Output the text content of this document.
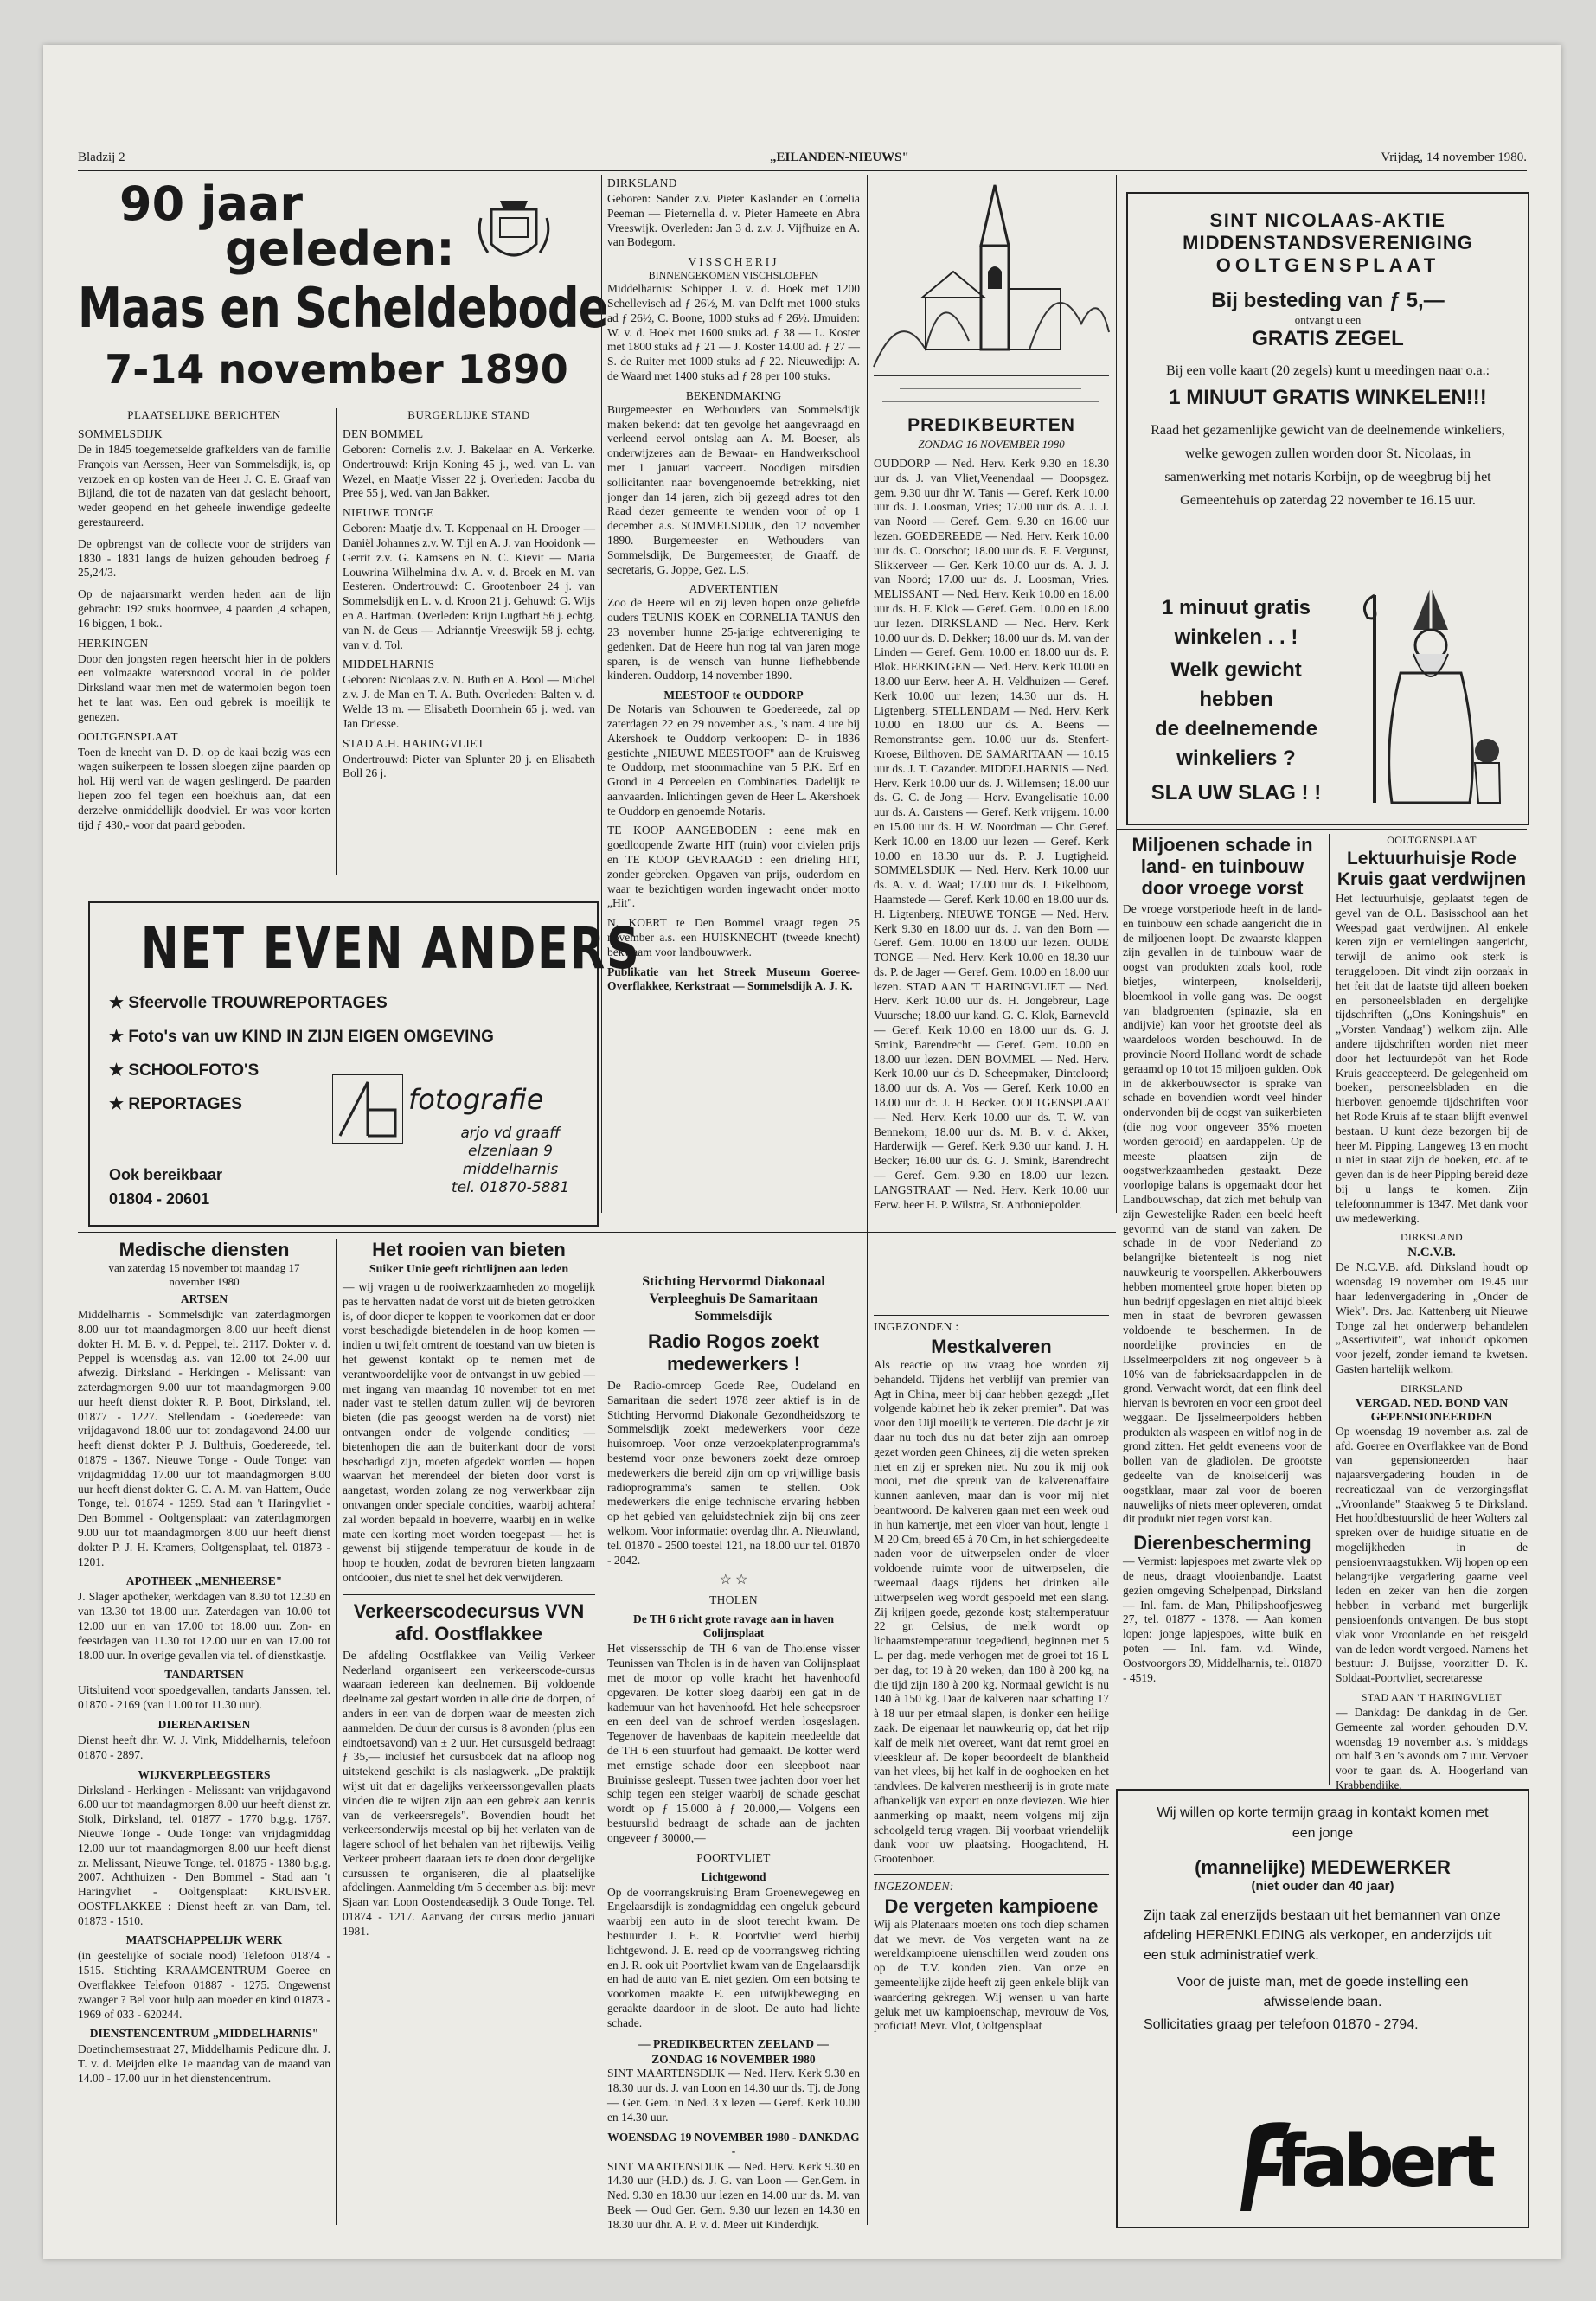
Bladzij 2	„EILANDEN-NIEUWS"	Vrijdag, 14 november 1980.
90 jaar
geleden:
Maas en Scheldebode
7-14 november 1890
PLAATSELIJKE BERICHTEN
SOMMELSDIJK

De in 1845 toegemetselde grafkelders van de familie François van Aerssen, Heer van Sommelsdijk, is, op verzoek en op kosten van de Heer J. C. E. Graaf van Bijland, die tot de nazaten van dat geslacht behoort, weder geopend en het geheele inwendige gedeelte gerestaureerd.

De opbrengst van de collecte voor de strijders van 1830 - 1831 langs de huizen gehouden bedroeg ƒ 25,24/3.

Op de najaarsmarkt werden heden aan de lijn gebracht: 192 stuks hoornvee, 4 paarden ,4 schapen, 16 biggen, 1 bok..

HERKINGEN

Door den jongsten regen heerscht hier in de polders een volmaakte watersnood vooral in de polder Dirksland waar men met de watermolen begon toen het te laat was. Een oud gebrek is moeilijk te genezen.

OOLTGENSPLAAT

Toen de knecht van D. D. op de kaai bezig was een wagen suikerpeen te lossen sloegen zijne paarden op hol. Hij werd van de wagen geslingerd. De paarden liepen zoo fel tegen een hoekhuis aan, dat een derzelve onmiddellijk doodviel. Er was voor korten tijd ƒ 430,- voor dat paard geboden.

BURGERLIJKE STAND
DEN BOMMEL

Geboren: Cornelis z.v. J. Bakelaar en A. Verkerke. Ondertrouwd: Krijn Koning 45 j., wed. van L. van Wezel, en Maatje Visser 22 j. Overleden: Jacoba du Pree 55 j, wed. van Jan Bakker.

NIEUWE TONGE

Geboren: Maatje d.v. T. Koppenaal en H. Drooger — Daniël Johannes z.v. W. Tijl en A. J. van Hooidonk — Gerrit z.v. G. Kamsens en N. C. Kievit — Maria Louwrina Wilhelmina d.v. A. v. d. Broek en M. van Eesteren. Ondertrouwd: C. Grootenboer 24 j. van Sommelsdijk en L. v. d. Kroon 21 j. Gehuwd: G. Wijs en A. Hartman. Overleden: Krijn Lugthart 56 j. echtg. van N. de Geus — Adrianntje Vreeswijk 58 j. echtg. van v. d. Tol.

MIDDELHARNIS

Geboren: Nicolaas z.v. N. Buth en A. Bool — Michel z.v. J. de Man en T. A. Buth. Overleden: Balten v. d. Welde 13 m. — Elisabeth Doornhein 65 j. wed. van Jan Driesse.

STAD A.H. HARINGVLIET

Ondertrouwd: Pieter van Splunter 20 j. en Elisabeth Boll 26 j.

DIRKSLAND

Geboren: Sander z.v. Pieter Kaslander en Cornelia Peeman — Pieternella d. v. Pieter Hameete en Abra Vreeswijk. Overleden: Jan 3 d. z.v. J. Vijfhuize en A. van Bodegom.

VISSCHERIJ
BINNENGEKOMEN VISCHSLOEPEN

Middelharnis: Schipper J. v. d. Hoek met 1200 Schellevisch ad ƒ 26½, M. van Delft met 1000 stuks ad ƒ 26½, C. Boone, 1000 stuks ad ƒ 26½. IJmuiden: W. v. d. Hoek met 1600 stuks ad. ƒ 38 — L. Koster met 1800 stuks ad ƒ 21 — J. Koster 14.00 ad. ƒ 27 — S. de Ruiter met 1000 stuks ad ƒ 22. Nieuwedijp: A. de Waard met 1400 stuks ad ƒ 28 per 100 stuks.

BEKENDMAKING

Burgemeester en Wethouders van Sommelsdijk maken bekend: dat ten gevolge het aangevraagd en verleend eervol ontslag aan A. M. Boeser, als onderwijzeres aan de Bewaar- en Handwerkschool met 1 januari vacceert. Noodigen mitsdien sollicitanten naar bovengenoemde betrekking, niet jonger dan 14 jaren, zich bij gezegd adres tot den Raad dezer gemeente te wenden voor of op 1 december a.s. SOMMELSDIJK, den 12 november 1890. Burgemeester en Wethouders van Sommelsdijk, De Burgemeester, de Graaff. de secretaris, G. Joppe, Gez. L.S.

ADVERTENTIEN

Zoo de Heere wil en zij leven hopen onze geliefde ouders TEUNIS KOEK en CORNELIA TANUS den 23 november hunne 25-jarige echtvereniging te gedenken. Dat de Heere hun nog tal van jaren moge sparen, is de wensch van hunne liefhebbende kinderen. Ouddorp, 14 november 1890.

MEESTOOF te OUDDORP

De Notaris van Schouwen te Goedereede, zal op zaterdagen 22 en 29 november a.s., 's nam. 4 ure bij Akershoek te Ouddorp verkoopen: D- in 1836 gestichte „NIEUWE MEESTOOF" aan de Kruisweg te Ouddorp, met stoommachine van 5 P.K. Erf en Grond in 4 Perceelen en Combinaties. Dadelijk te aanvaarden. Inlichtingen geven de Heer L. Akershoek te Ouddorp en genoemde Notaris.

TE KOOP AANGEBODEN : eene mak en goedloopende Zwarte HIT (ruin) voor civielen prijs en TE KOOP GEVRAAGD : een drieling HIT, zonder gebreken. Opgaven van prijs, ouderdom en waar te bezichtigen worden ingewacht onder motto „Hit".

N. KOERT te Den Bommel vraagt tegen 25 november a.s. een HUISKNECHT (tweede knecht) bekwaam voor landbouwwerk.

Publikatie van het Streek Museum Goeree-Overflakkee, Kerkstraat — Sommelsdijk A. J. K.

PREDIKBEURTEN
ZONDAG 16 NOVEMBER 1980

OUDDORP — Ned. Herv. Kerk 9.30 en 18.30 uur ds. J. van Vliet,Veenendaal — Doopsgez. gem. 9.30 uur dhr W. Tanis — Geref. Kerk 10.00 uur ds. J. Loosman, Vries; 17.00 uur ds. A. J. J. van Noord — Geref. Gem. 9.30 en 16.00 uur lezen. GOEDEREEDE — Ned. Herv. Kerk 10.00 uur ds. C. Oorschot; 18.00 uur ds. E. F. Vergunst, Slikkerveer — Ger. Kerk 10.00 uur ds. A. J. J. van Noord; 17.00 uur ds. J. Loosman, Vries. MELISSANT — Ned. Herv. Kerk 10.00 en 18.00 uur ds. H. F. Klok — Geref. Gem. 10.00 en 18.00 uur lezen. DIRKSLAND — Ned. Herv. Kerk 10.00 uur ds. D. Dekker; 18.00 uur ds. M. van der Linden — Geref. Gem. 10.00 en 18.00 uur ds. P. Blok. HERKINGEN — Ned. Herv. Kerk 10.00 en 18.00 uur Eerw. heer A. H. Veldhuizen — Geref. Kerk 10.00 uur lezen; 14.30 uur ds. H. Ligtenberg. STELLENDAM — Ned. Herv. Kerk 10.00 en 18.00 uur ds. A. Beens — Remonstrantse gem. 10.00 uur ds. Stenfert-Kroese, Bilthoven. DE SAMARITAAN — 10.15 uur ds. J. T. Cazander. MIDDELHARNIS — Ned. Herv. Kerk 10.00 uur ds. J. Willemsen; 18.00 uur ds. G. C. de Jong — Herv. Evangelisatie 10.00 uur ds. A. Carstens — Geref. Kerk vrijgem. 10.00 en 15.00 uur ds. H. W. Noordman — Chr. Geref. Kerk 10.00 en 18.00 uur lezen — Geref. Kerk 10.00 en 18.30 uur ds. P. J. Lugtigheid. SOMMELSDIJK — Ned. Herv. Kerk 10.00 uur ds. A. v. d. Waal; 17.00 uur ds. J. Eikelboom, Haamstede — Geref. Kerk 10.00 en 18.00 uur ds. H. Ligtenberg. NIEUWE TONGE — Ned. Herv. Kerk 9.30 en 18.00 uur ds. J. van den Born — Geref. Gem. 10.00 en 18.00 uur lezen. OUDE TONGE — Ned. Herv. Kerk 10.00 en 18.30 uur ds. P. de Jager — Geref. Gem. 10.00 en 18.00 uur lezen. STAD AAN 'T HARINGVLIET — Ned. Herv. Kerk 10.00 uur ds. H. Jongebreur, Lage Vuursche; 18.00 uur kand. G. C. Klok, Barneveld — Geref. Kerk 10.00 en 18.00 uur ds. G. J. Smink, Barendrecht — Geref. Gem. 10.00 en 18.00 uur lezen. DEN BOMMEL — Ned. Herv. Kerk 10.00 uur ds D. Scheepmaker, Dinteloord; 18.00 uur ds. A. Vos — Geref. Kerk 10.00 en 18.00 uur dr. J. H. Becker. OOLTGENSPLAAT — Ned. Herv. Kerk 10.00 uur ds. T. W. van Bennekom; 18.00 uur ds. M. B. v. d. Akker, Harderwijk — Geref. Kerk 9.30 uur kand. J. H. Becker; 16.00 uur ds. G. J. Smink, Barendrecht — Geref. Gem. 9.30 en 18.00 uur lezen. LANGSTRAAT — Ned. Herv. Kerk 10.00 uur Eerw. heer H. P. Wilstra, St. Anthoniepolder.

SINT NICOLAAS-AKTIE
MIDDENSTANDSVERENIGING
OOLTGENSPLAAT
Bij besteding van ƒ 5,—
ontvangt u een
GRATIS ZEGEL
Bij een volle kaart (20 zegels) kunt u meedingen naar o.a.:
1 MINUUT GRATIS WINKELEN!!!
Raad het gezamenlijke gewicht van de deelnemende winkeliers, welke gewogen zullen worden door St. Nicolaas, in samenwerking met notaris Korbijn, op de weegbrug bij het Gemeentehuis op zaterdag 22 november te 16.15 uur.
1 minuut gratis
winkelen . . !
Welk gewicht
hebben
de deelnemende
winkeliers ?
SLA UW SLAG ! !
NET EVEN ANDERS
★ Sfeervolle TROUWREPORTAGES
★ Foto's van uw KIND IN ZIJN EIGEN OMGEVING
★ SCHOOLFOTO'S
★ REPORTAGES	fotografie
arjo vd graaff
elzenlaan 9
middelharnis
tel. 01870-5881
Ook bereikbaar
01804 - 20601
Medische diensten
van zaterdag 15 november tot maandag 17 november 1980
ARTSEN

Middelharnis - Sommelsdijk: van zaterdagmorgen 8.00 uur tot maandagmorgen 8.00 uur heeft dienst dokter H. M. B. v. d. Peppel, tel. 2117. Dokter v. d. Peppel is woensdag a.s. van 12.00 tot 24.00 uur afwezig. Dirksland - Herkingen - Melissant: van zaterdagmorgen 9.00 uur tot maandagmorgen 9.00 uur heeft dienst dokter R. P. Boot, Dirksland, tel. 01877 - 1227. Stellendam - Goedereede: van vrijdagavond 18.00 uur tot zondagavond 24.00 uur heeft dienst dokter P. J. Bulthuis, Goedereede, tel. 01879 - 1367. Nieuwe Tonge - Oude Tonge: van vrijdagmiddag 17.00 uur tot maandagmorgen 8.00 uur heeft dienst dokter G. C. A. M. van Hattem, Oude Tonge, tel. 01874 - 1259. Stad aan 't Haringvliet - Den Bommel - Ooltgensplaat: van zaterdagmorgen 9.00 uur tot maandagmorgen 8.00 uur heeft dienst dokter P. J. H. Kramers, Ooltgensplaat, tel. 01873 - 1201.

APOTHEEK „MENHEERSE"

J. Slager apotheker, werkdagen van 8.30 tot 12.30 en van 13.30 tot 18.00 uur. Zaterdagen van 10.00 tot 12.00 uur en van 17.00 tot 18.00 uur. Zon- en feestdagen van 11.30 tot 12.00 uur en van 17.00 tot 18.00 uur. In overige gevallen via tel. of dienstkastje.

TANDARTSEN

Uitsluitend voor spoedgevallen, tandarts Janssen, tel. 01870 - 2169 (van 11.00 tot 11.30 uur).

DIERENARTSEN

Dienst heeft dhr. W. J. Vink, Middelharnis, telefoon 01870 - 2897.

WIJKVERPLEEGSTERS

Dirksland - Herkingen - Melissant: van vrijdagavond 6.00 uur tot maandagmorgen 8.00 uur heeft dienst zr. Stolk, Dirksland, tel. 01877 - 1770 b.g.g. 1767. Nieuwe Tonge - Oude Tonge: van vrijdagmiddag 12.00 uur tot maandagmorgen 8.00 uur heeft dienst zr. Melissant, Nieuwe Tonge, tel. 01875 - 1380 b.g.g. 2007. Achthuizen - Den Bommel - Stad aan 't Haringvliet - Ooltgensplaat: KRUISVER. OOSTFLAKKEE : Dienst heeft zr. van Dam, tel. 01873 - 1510.

MAATSCHAPPELIJK WERK

(in geestelijke of sociale nood) Telefoon 01874 - 1515. Stichting KRAAMCENTRUM Goeree en Overflakkee Telefoon 01887 - 1275. Ongewenst zwanger ? Bel voor hulp aan moeder en kind 01873 - 1969 of 033 - 620244.

DIENSTENCENTRUM „MIDDELHARNIS"

Doetinchemsestraat 27, Middelharnis Pedicure dhr. J. T. v. d. Meijden elke 1e maandag van de maand van 14.00 - 17.00 uur in het dienstencentrum.

Het rooien van bieten
Suiker Unie geeft richtlijnen aan leden

— wij vragen u de rooiwerkzaamheden zo mogelijk pas te hervatten nadat de vorst uit de bieten getrokken is, of door dieper te koppen te voorkomen dat er door vorst beschadigde bietendelen in de hoop komen — indien u twijfelt omtrent de toestand van uw bieten is het gewenst kontakt op te nemen met de verantwoordelijke voor de ontvangst in uw gebied — met ingang van maandag 10 november tot en met nader vast te stellen datum zullen wij de bevroren bieten (die pas geoogst werden na de vorst) niet ontvangen onder de volgende condities; — bietenhopen die aan de buitenkant door de vorst beschadigd zijn, moeten afgedekt worden — hopen waarvan het merendeel der bieten door vorst is aangetast, worden zolang ze nog verwerkbaar zijn ontvangen onder speciale condities, waarbij achteraf zal worden bepaald in hoeverre, waarbij en in welke mate een korting moet worden toegepast — het is gewenst bij stijgende temperatuur de koude in de hoop te houden, zodat de bevroren bieten langzaam ontdooien, dus niet te snel het dek verwijderen.

Verkeerscodecursus VVN afd. Oostflakkee

De afdeling Oostflakkee van Veilig Verkeer Nederland organiseert een verkeerscode-cursus waaraan iedereen kan deelnemen. Bij voldoende deelname zal gestart worden in alle drie de dorpen, of anders in een van de dorpen waar de meesten zich aanmelden. De duur der cursus is 8 avonden (plus een eindtoetsavond) van ± 2 uur. Het cursusgeld bedraagt ƒ 35,— inclusief het cursusboek dat na afloop nog uitstekend geschikt is als naslagwerk. „De praktijk wijst uit dat er dagelijks verkeerssongevallen plaats vinden die te wijten zijn aan een gebrek aan kennis van de verkeersregels". Bovendien houdt het verkeersonderwijs meestal op bij het verlaten van de lagere school of het behalen van het rijbewijs. Veilig Verkeer probeert daaraan iets te doen door dergelijke cursussen te organiseren, die al plaatselijke afdelingen. Aanmelding t/m 5 december a.s. bij: mevr Sjaan van Loon Oostendeasedijk 3 Oude Tonge. Tel. 01874 - 1217. Aanvang der cursus medio januari 1981.

Stichting Hervormd Diakonaal
Verpleeghuis De Samaritaan
Sommelsdijk
Radio Rogos zoekt medewerkers !

De Radio-omroep Goede Ree, Oudeland en Samaritaan die sedert 1978 zeer aktief is in de Stichting Hervormd Diakonale Gezondheidszorg te Sommelsdijk zoekt medewerkers voor deze huisomroep. Voor onze verzoekplatenprogramma's bestemd voor onze bewoners zoekt deze omroep medewerkers die bereid zijn om op vrijwillige basis radioprogramma's samen te stellen. Ook medewerkers die enige technische ervaring hebben op het gebied van geluidstechniek zijn bij ons zeer welkom. Voor informatie: overdag dhr. A. Nieuwland, tel. 01870 - 2500 toestel 121, na 18.00 uur tel. 01870 - 2042.

☆ ☆
THOLEN
De TH 6 richt grote ravage aan in haven Colijnsplaat

Het vissersschip de TH 6 van de Tholense visser Teunissen van Tholen is in de haven van Colijnsplaat met de motor op volle kracht het havenhoofd opgevaren. De kotter sloeg daarbij een gat in de kademuur van het havenhoofd. Het hele scheepsroer en een deel van de schroef werden losgeslagen. Tegenover de havenbaas de kapitein meedeelde dat de TH 6 een stuurfout had gemaakt. De kotter werd met ernstige schade door een sleepboot naar Bruinisse gesleept. Tussen twee jachten door voer het schip tegen een steiger waarbij de schade geschat wordt op ƒ 15.000 à ƒ 20.000,— Volgens een bestuurslid bedraagt de schade aan de jachten ongeveer ƒ 30000,—

POORTVLIET
Lichtgewond

Op de voorrangskruising Bram Groenewegeweg en Engelaarsdijk is zondagmiddag een ongeluk gebeurd waarbij een auto in de sloot terecht kwam. De bestuurder J. E. R. Poortvliet werd hierbij lichtgewond. J. E. reed op de voorrangsweg richting en J. R. ook uit Poortvliet kwam van de Engelaarsdijk en had de auto van E. niet gezien. Om een botsing te voorkomen maakte E. een uitwijkbeweging en geraakte daardoor in de sloot. De auto had lichte schade.

— PREDIKBEURTEN ZEELAND —
ZONDAG 16 NOVEMBER 1980

SINT MAARTENSDIJK — Ned. Herv. Kerk 9.30 en 18.30 uur ds. J. van Loon en 14.30 uur ds. Tj. de Jong — Ger. Gem. in Ned. 3 x lezen — Geref. Kerk 10.00 en 14.30 uur.

WOENSDAG 19 NOVEMBER 1980 - DANKDAG -

SINT MAARTENSDIJK — Ned. Herv. Kerk 9.30 en 14.30 uur (H.D.) ds. J. G. van Loon — Ger.Gem. in Ned. 9.30 en 18.30 uur lezen en 14.00 uur ds. M. van Beek — Oud Ger. Gem. 9.30 uur lezen en 14.30 en 18.30 uur dhr. A. P. v. d. Meer uit Kinderdijk.

INGEZONDEN :
Mestkalveren

Als reactie op uw vraag hoe worden zij behandeld. Tijdens het verblijf van premier van Agt in China, meer bij daar hebben gezegd: „Het volgende kabinet heb ik zeker premier". Dat was voor den Uijl moeilijk te verteren. Die dacht je zit daar nu toch dus nu dat beter zijn aan omroep gezet worden geen Chinees, zij die weten spreken niet en zij er spreken niet. Nu zou ik mij ook mooi, met die spreuk van de kalverenaffaire kunnen aanleven, maar dan is voor mij niet beantwoord. De kalveren gaan met een week oud in hun kamertje, met een vloer van hout, lengte 1 M 20 Cm, breed 65 à 70 Cm, in het schiergedeelte naden voor de uitwerpselen onder de vloer voldoende ruimte voor de uitwerpselen, die tweemaal daags tijdens het drinken alle uitwerpselen weg wordt gespoeld met een slang. Zij krijgen goede, gezonde kost; staltemperatuur 22 gr. Celsius, de melk wordt op lichaamstemperatuur toegediend, beginnen met 5 L. per dag. mede verhogen met de groei tot 16 L per dag, tot 19 à 20 weken, dan 180 à 200 kg, na die tijd zijn 180 à 200 kg. Normaal gewicht is nu 140 à 150 kg. Daar de kalveren naar schatting 17 à 18 uur per etmaal slapen, is donker een heilige zaak. De eigenaar let nauwkeurig op, dat het rijp kalf de melk niet overeet, want dat remt groei en vleeskleur af. De koper beoordeelt de blankheid van het vlees, bij het kalf in de ooghoeken en het tandvlees. De kalveren mestheerij is in grote mate afhankelijk van export en onze deviezen. Wie hier aanmerking op maakt, neem volgens mij zijn schoolgeld terug vragen. Bij voorbaat vriendelijk dank voor uw plaatsing. Hoogachtend, H. Grootenboer.

INGEZONDEN:
De vergeten kampioene

Wij als Platenaars moeten ons toch diep schamen dat we mevr. de Vos vergeten want na ze wereldkampioene uienschillen werd zouden ons op de T.V. konden zien. Van onze en gemeentelijke zijde heeft zij geen enkele blijk van waardering gekregen. Wij wensen u van harte geluk met uw kampioenschap, mevrouw de Vos, proficiat! Mevr. Vlot, Ooltgensplaat

Miljoenen schade in land- en tuinbouw door vroege vorst

De vroege vorstperiode heeft in de land- en tuinbouw een schade aangericht die in de miljoenen loopt. De zwaarste klappen zijn gevallen in de tuinbouw waar de oogst van produkten zoals kool, rode bietjes, winterpeen, knolselderij, bloemkool in volle gang was. De oogst van bladgroenten (spinazie, sla en andijvie) kan voor het grootste deel als waardeloos worden beschouwd. In de provincie Noord Holland wordt de schade geraamd op 10 tot 15 miljoen gulden. Ook in de akkerbouwsector is sprake van schade en bovendien wordt veel hinder ondervonden bij de oogst van suikerbieten (die nog voor ongeveer 35% moeten worden gerooid) en aardappelen. Op de meeste plaatsen zijn de oogstwerkzaamheden gestaakt. Deze voorlopige balans is opgemaakt door het Landbouwschap, dat zich met behulp van zijn Gewestelijke Raden een beeld heeft gevormd van de stand van zaken. De schade in de voor Nederland zo belangrijke bietenteelt is nog niet nauwkeurig te voorspellen. Akkerbouwers hebben momenteel grote hopen bieten op hun bedrijf opgeslagen en niet altijd bleek men in staat de bevroren gewassen voldoende te beschermen. In de noordelijke provincies en de IJsselmeerpolders zit nog ongeveer 5 à 10% van de fabrieksaardappelen in de grond. Verwacht wordt, dat een flink deel hiervan is bevroren en voor een groot deel weggaan. De Ijsselmeerpolders hebben produkten als waspeen en witlof nog in de grond zitten. Het geldt eveneens voor de bollen van de gladiolen. De grootste gedeelte van de knolselderij was oogstklaar, maar zal voor de boeren nauwelijks of niets meer opleveren, omdat dit produkt niet tegen vorst kan.

Dierenbescherming

— Vermist: lapjespoes met zwarte vlek op de neus, draagt vlooienbandje. Laatst gezien omgeving Schelpenpad, Dirksland — Inl. fam. de Man, Philipshoofjesweg 27, tel. 01877 - 1378. — Aan komen lopen: jonge lapjespoes, witte buik en poten — Inl. fam. v.d. Winde, Oostvoorgors 39, Middelharnis, tel. 01870 - 4519.

OOLTGENSPLAAT
Lektuurhuisje Rode Kruis gaat verdwijnen

Het lectuurhuisje, geplaatst tegen de gevel van de O.L. Basisschool aan het Weespad gaat verdwijnen. Al enkele keren zijn er vernielingen aangericht, terwijl de animo ook sterk is teruggelopen. Dit vindt zijn oorzaak in het feit dat de laatste tijd alleen boeken en personeelsbladen en dergelijke tijdschriften („Ons Koningshuis" en „Vorsten Vandaag") welkom zijn. Alle andere tijdschriften worden niet meer door het lectuurdepôt van het Rode Kruis geaccepteerd. De gelegenheid om boeken, personeelsbladen en die hierboven genoemde tijdschriften voor het Rode Kruis af te staan blijft evenwel bestaan. U kunt deze bezorgen bij de heer M. Pipping, Langeweg 13 en mocht u niet in staat zijn de boeken, etc. af te geven dan is de heer Pipping bereid deze bij u langs te komen. Zijn telefoonnummer is 1347. Met dank voor uw medewerking.

DIRKSLAND
N.C.V.B.

De N.C.V.B. afd. Dirksland houdt op woensdag 19 november om 19.45 uur haar ledenvergadering in „Onder de Wiek". Drs. Jac. Kattenberg uit Nieuwe Tonge zal het onderwerp behandelen „Assertiviteit", wat inhoudt opkomen voor jezelf, zonder iemand te kwetsen. Gasten hartelijk welkom.

DIRKSLAND
VERGAD. NED. BOND VAN GEPENSIONEERDEN

Op woensdag 19 november a.s. zal de afd. Goeree en Overflakkee van de Bond van gepensioneerden haar najaarsvergadering houden in de recreatiezaal van de verzorgingsflat „Vroonlande" Staakweg 5 te Dirksland. Het hoofdbestuurslid de heer Wolters zal spreken over de huidige situatie en de mogelijkheden in de pensioenvraagstukken. Wij hopen op een belangrijke vergadering gaarne veel leden en zeker van hen die zorgen hebben in verband met burgerlijk pensioenfonds ontvangen. De bus stopt vlak voor Vroonlande en het reisgeld van de leden wordt vergoed. Namens het bestuur: J. Buijsse, voorzitter D. K. Soldaat-Poortvliet, secretaresse

STAD AAN 'T HARINGVLIET

— Dankdag: De dankdag in de Ger. Gemeente zal worden gehouden D.V. woensdag 19 november a.s. 's middags om half 3 en 's avonds om 7 uur. Vervoer voor te gaan ds. A. Hoogerland van Krabbendijke.

Wij willen op korte termijn graag in kontakt komen met een jonge
(mannelijke) MEDEWERKER
(niet ouder dan 40 jaar)
Zijn taak zal enerzijds bestaan uit het bemannen van onze afdeling HERENKLEDING als verkoper, en anderzijds uit een stuk administratief werk.
Voor de juiste man, met de goede instelling een afwisselende baan.
Sollicitaties graag per telefoon 01870 - 2794.
fabert
